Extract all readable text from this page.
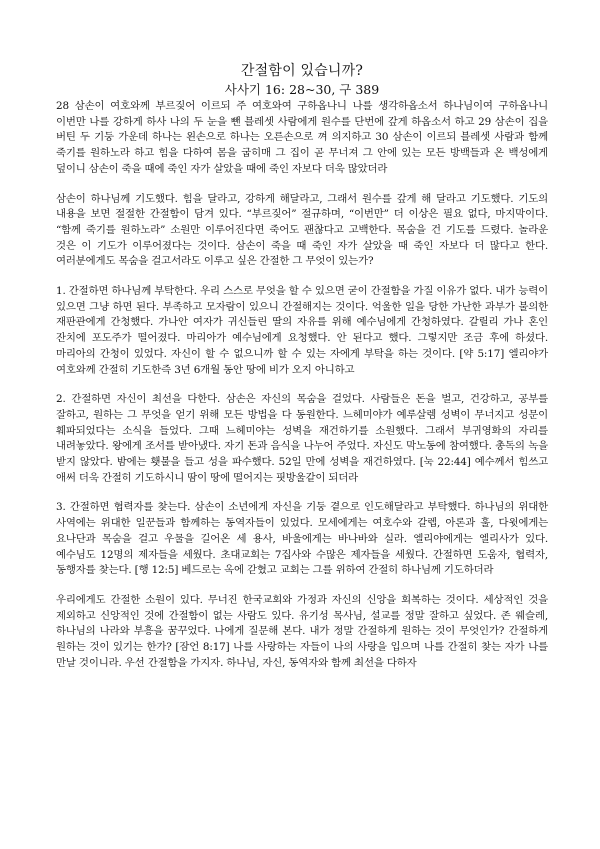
간절함이 있습니까?
사사기 16: 28~30, 구 389

28 삼손이 여호와께 부르짖어 이르되 주 여호와여 구하옵나니 나를 생각하옵소서 하나님이여 구하옵나니 이번만 나를 강하게 하사 나의 두 눈을 뺀 블레셋 사람에게 원수를 단번에 갚게 하옵소서 하고 29 삼손이 집을 버틴 두 기둥 가운데 하나는 왼손으로 하나는 오른손으로 껴 의지하고 30 삼손이 이르되 블레셋 사람과 함께 죽기를 원하노라 하고 힘을 다하여 몸을 굽히매 그 집이 곧 무너져 그 안에 있는 모든 방백들과 온 백성에게 덮이니 삼손이 죽을 때에 죽인 자가 살았을 때에 죽인 자보다 더욱 많았더라

삼손이 하나님께 기도했다. 힘을 달라고, 강하게 해달라고, 그래서 원수를 갚게 해 달라고 기도했다. 기도의 내용을 보면 절절한 간절함이 담겨 있다. “부르짖어” 절규하며, “이번만” 더 이상은 필요 없다, 마지막이다. “함께 죽기를 원하노라” 소원만 이루어진다면 죽어도 괜찮다고 고백한다. 목숨을 건 기도를 드렸다. 놀라운 것은 이 기도가 이루어졌다는 것이다. 삼손이 죽을 때 죽인 자가 살았을 때 죽인 자보다 더 많다고 한다. 여러분에게도 목숨을 걸고서라도 이루고 싶은 간절한 그 무엇이 있는가?

1. 간절하면 하나님께 부탁한다. 우리 스스로 무엇을 할 수 있으면 굳이 간절함을 가질 이유가 없다. 내가 능력이 있으면 그냥 하면 된다. 부족하고 모자람이 있으니 간절해지는 것이다. 억울한 일을 당한 가난한 과부가 불의한 재판관에게 간청했다. 가나안 여자가 귀신들린 딸의 자유를 위해 예수님에게 간청하였다. 갈릴리 가나 혼인 잔치에 포도주가 떨어졌다. 마리아가 예수님에게 요청했다. 안 된다고 했다. 그렇지만 조금 후에 하셨다. 마리아의 간청이 있었다. 자신이 할 수 없으니까 할 수 있는 자에게 부탁을 하는 것이다. [약 5:17] 엘리야가 여호와께 간절히 기도한즉 3년 6개월 동안 땅에 비가 오지 아니하고

2. 간절하면 자신이 최선을 다한다. 삼손은 자신의 목숨을 걸었다. 사람들은 돈을 벌고, 건강하고, 공부를 잘하고, 원하는 그 무엇을 얻기 위해 모든 방법을 다 동원한다. 느헤미야가 예루살렘 성벽이 무너지고 성문이 훼파되었다는 소식을 들었다. 그때 느헤미야는 성벽을 재건하기를 소원했다. 그래서 부귀영화의 자리를 내려놓았다. 왕에게 조서를 받아냈다. 자기 돈과 음식을 나누어 주었다. 자신도 막노동에 참여했다. 총독의 녹을 받지 않았다. 밤에는 횃불을 들고 성을 파수했다. 52일 만에 성벽을 재건하였다. [눅 22:44] 예수께서 힘쓰고 애써 더욱 간절히 기도하시니 땀이 땅에 떨어지는 핏방울같이 되더라

3. 간절하면 협력자를 찾는다. 삼손이 소년에게 자신을 기둥 곁으로 인도해달라고 부탁했다. 하나님의 위대한 사역에는 위대한 일꾼들과 함께하는 동역자들이 있었다. 모세에게는 여호수와 갈렙, 아론과 훌, 다윗에게는 요나단과 목숨을 걸고 우물을 길어온 세 용사, 바울에게는 바나바와 실라. 엘리야에게는 엘리사가 있다. 예수님도 12명의 제자들을 세웠다. 초대교회는 7집사와 수많은 제자들을 세웠다. 간절하면 도움자, 협력자, 동행자를 찾는다. [행 12:5] 베드로는 옥에 갇혔고 교회는 그를 위하여 간절히 하나님께 기도하더라

우리에게도 간절한 소원이 있다. 무너진 한국교회와 가정과 자신의 신앙을 회복하는 것이다. 세상적인 것을 제외하고 신앙적인 것에 간절함이 없는 사람도 있다. 유기성 목사님, 설교를 정말 잘하고 싶었다. 존 웨슬레, 하나님의 나라와 부흥을 꿈꾸었다. 나에게 질문해 본다. 내가 정말 간절하게 원하는 것이 무엇인가? 간절하게 원하는 것이 있기는 한가? [잠언 8:17] 나를 사랑하는 자들이 나의 사랑을 입으며 나를 간절히 찾는 자가 나를 만날 것이니라. 우선 간절함을 가지자. 하나님, 자신, 동역자와 함께 최선을 다하자
